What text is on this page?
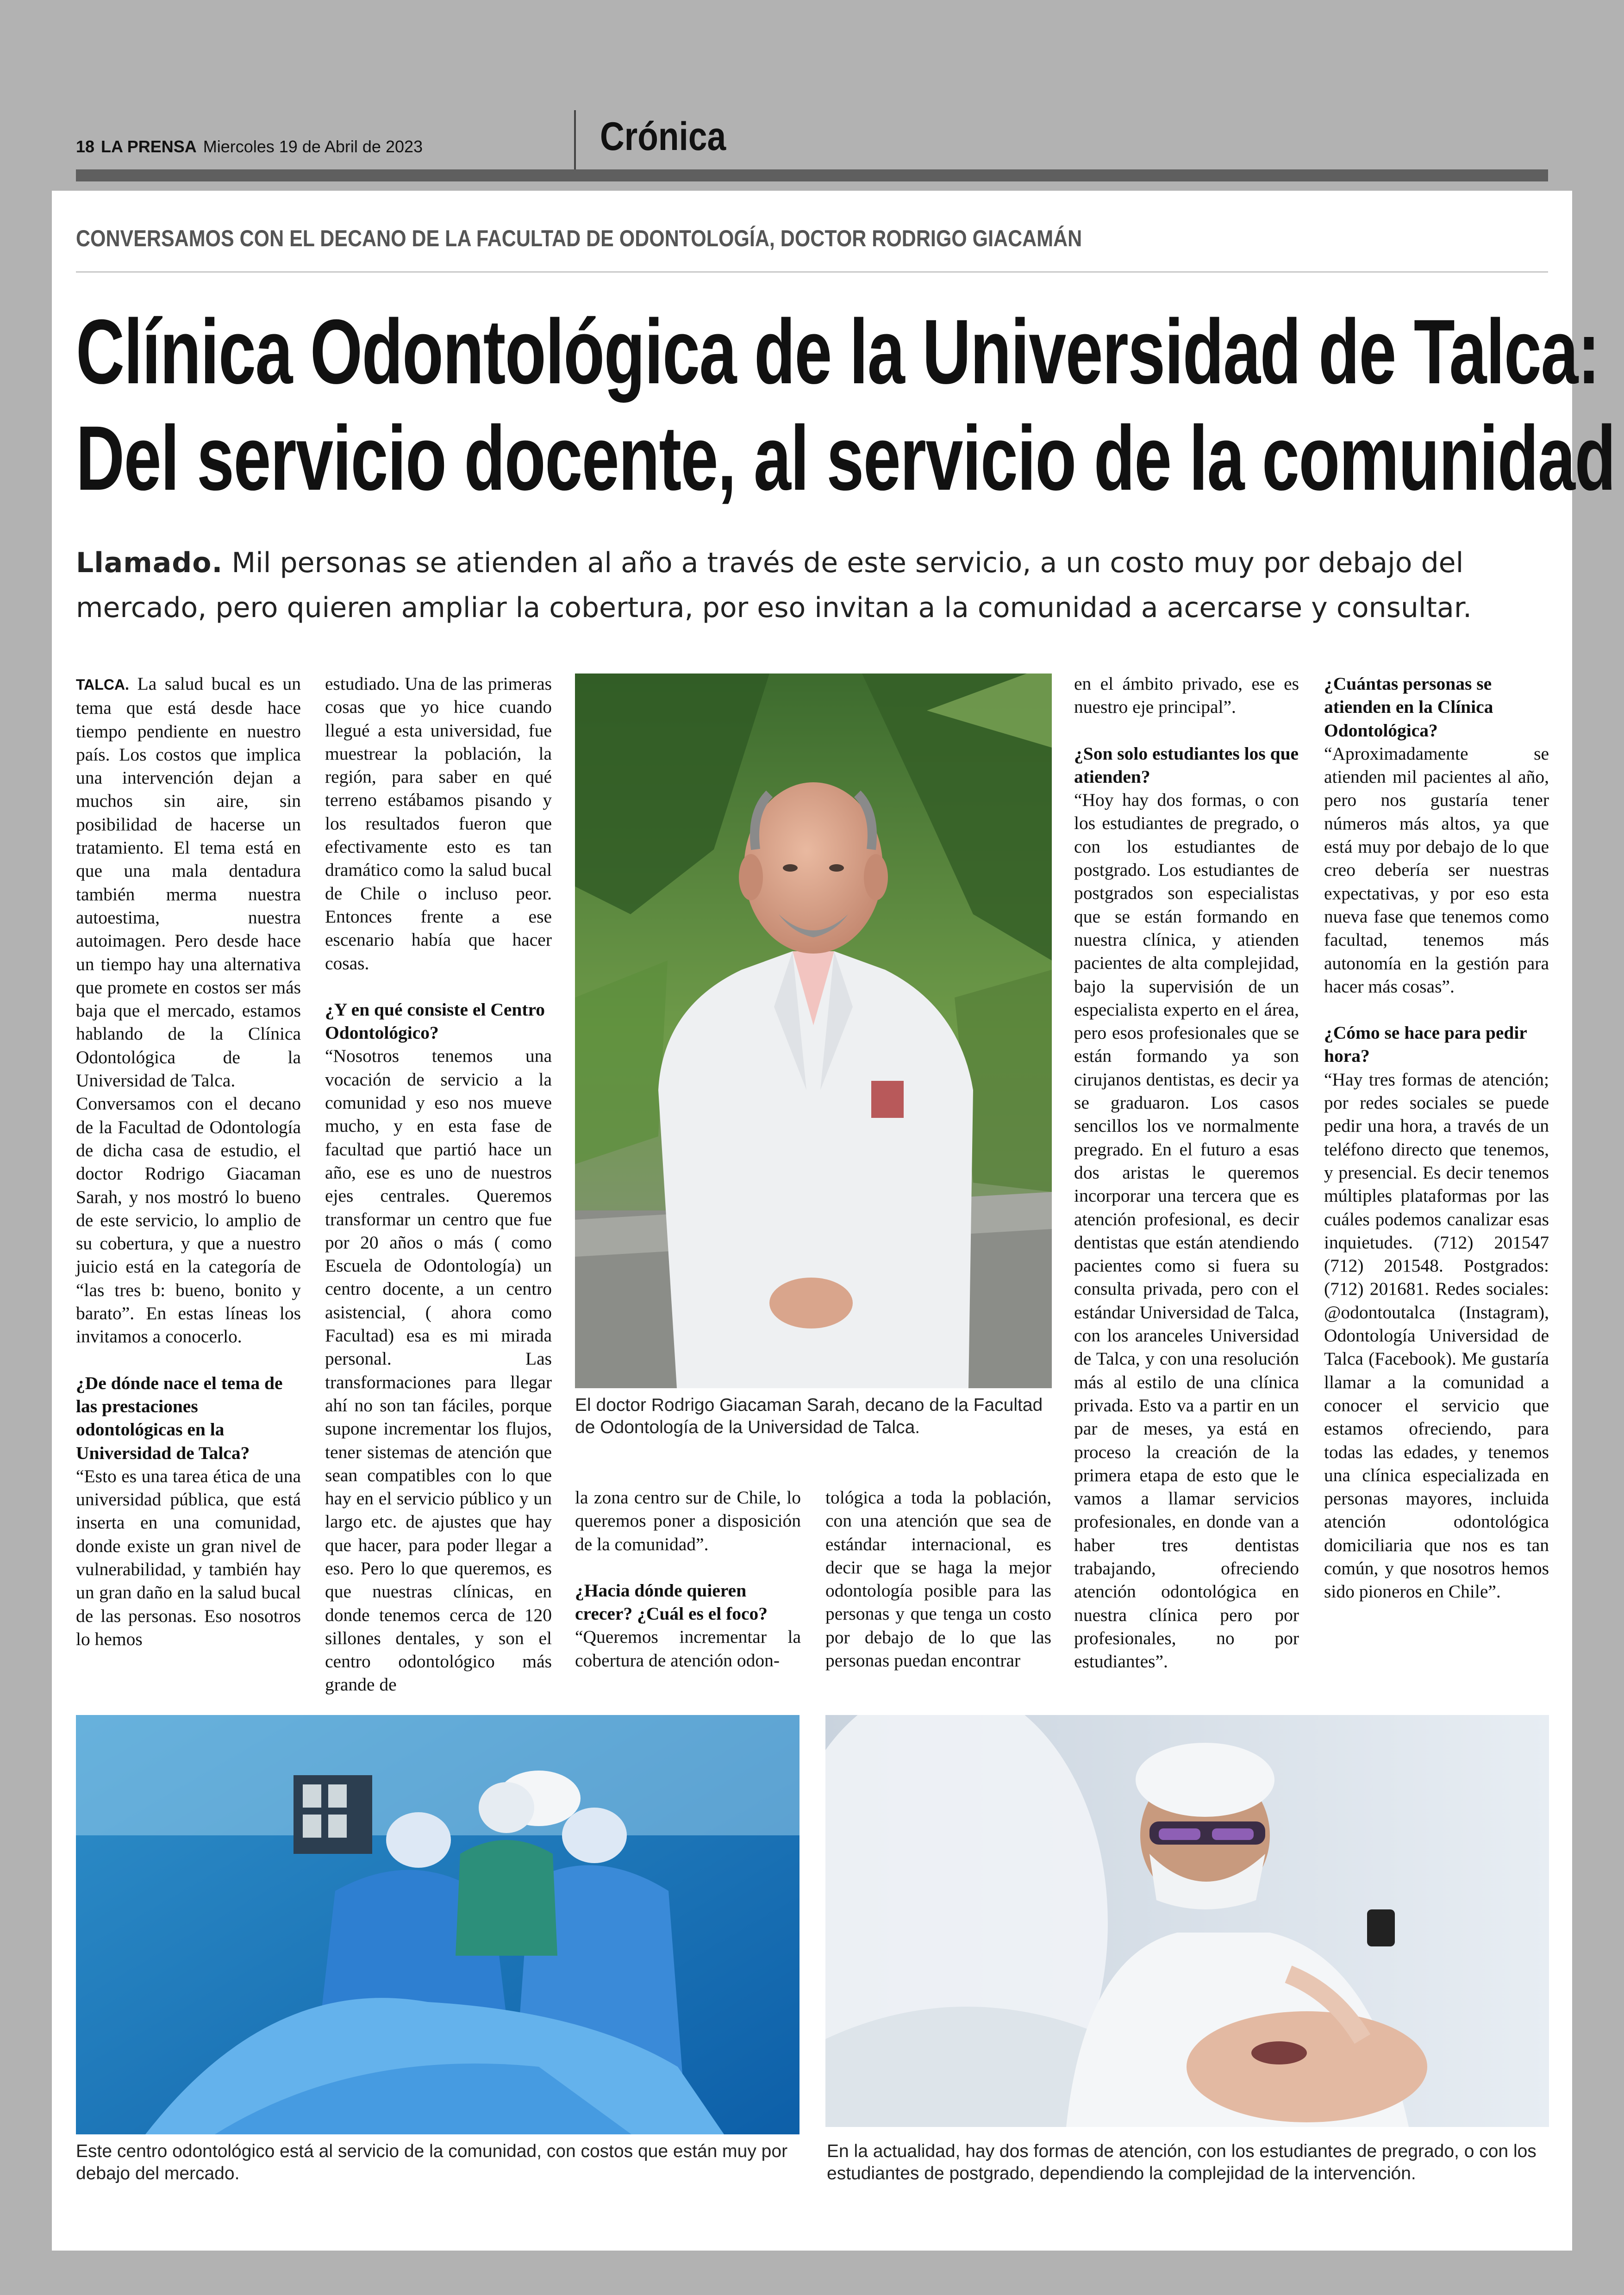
18 LA PRENSA Miercoles 19 de Abril de 2023	Crónica
CONVERSAMOS CON EL DECANO DE LA FACULTAD DE ODONTOLOGÍA, DOCTOR RODRIGO GIACAMÁN
Clínica Odontológica de la Universidad de Talca:
Del servicio docente, al servicio de la comunidad
Llamado. Mil personas se atienden al año a través de este servicio, a un costo muy por debajo del mercado, pero quieren ampliar la cobertura, por eso invitan a la comunidad a acercarse y consultar.

TALCA. La salud bucal es un tema que está desde hace tiempo pendiente en nuestro país. Los costos que implica una intervención dejan a muchos sin aire, sin posibilidad de hacerse un tratamiento. El tema está en que una mala dentadura también merma nuestra autoestima, nuestra autoimagen. Pero desde hace un tiempo hay una alternativa que promete en costos ser más baja que el mercado, estamos hablando de la Clínica Odontológica de la Universidad de Talca.

Conversamos con el decano de la Facultad de Odontología de dicha casa de estudio, el doctor Rodrigo Giacaman Sarah, y nos mostró lo bueno de este servicio, lo amplio de su cobertura, y que a nuestro juicio está en la categoría de “las tres b: bueno, bonito y barato”. En estas líneas los invitamos a conocerlo.

¿De dónde nace el tema de las prestaciones odontológicas en la Universidad de Talca?

“Esto es una tarea ética de una universidad pública, que está inserta en una comunidad, donde existe un gran nivel de vulnerabilidad, y también hay un gran daño en la salud bucal de las personas. Eso nosotros lo hemos

estudiado. Una de las primeras cosas que yo hice cuando llegué a esta universidad, fue muestrear la población, la región, para saber en qué terreno estábamos pisando y los resultados fueron que efectivamente esto es tan dramático como la salud bucal de Chile o incluso peor. Entonces frente a ese escenario había que hacer cosas.

¿Y en qué consiste el Centro Odontológico?

“Nosotros tenemos una vocación de servicio a la comunidad y eso nos mueve mucho, y en esta fase de facultad que partió hace un año, ese es uno de nuestros ejes centrales. Queremos transformar un centro que fue por 20 años o más ( como Escuela de Odontología) un centro docente, a un centro asistencial, ( ahora como Facultad) esa es mi mirada personal. Las transformaciones para llegar ahí no son tan fáciles, porque supone incrementar los flujos, tener sistemas de atención que sean compatibles con lo que hay en el servicio público y un largo etc. de ajustes que hay que hacer, para poder llegar a eso. Pero lo que queremos, es que nuestras clínicas, en donde tenemos cerca de 120 sillones dentales, y son el centro odontológico más grande de

El doctor Rodrigo Giacaman Sarah, decano de la Facultad de Odontología de la Universidad de Talca.

la zona centro sur de Chile, lo queremos poner a disposición de la comunidad”.

¿Hacia dónde quieren crecer? ¿Cuál es el foco?

“Queremos incrementar la cobertura de atención odon-

tológica a toda la población, con una atención que sea de estándar internacional, es decir que se haga la mejor odontología posible para las personas y que tenga un costo por debajo de lo que las personas puedan encontrar

en el ámbito privado, ese es nuestro eje principal”.

¿Son solo estudiantes los que atienden?

“Hoy hay dos formas, o con los estudiantes de pregrado, o con los estudiantes de postgrado. Los estudiantes de postgrados son especialistas que se están formando en nuestra clínica, y atienden pacientes de alta complejidad, bajo la supervisión de un especialista experto en el área, pero esos profesionales que se están formando ya son cirujanos dentistas, es decir ya se graduaron. Los casos sencillos los ve normalmente pregrado. En el futuro a esas dos aristas le queremos incorporar una tercera que es atención profesional, es decir dentistas que están atendiendo pacientes como si fuera su consulta privada, pero con el estándar Universidad de Talca, con los aranceles Universidad de Talca, y con una resolución más al estilo de una clínica privada. Esto va a partir en un par de meses, ya está en proceso la creación de la primera etapa de esto que le vamos a llamar servicios profesionales, en donde van a haber tres dentistas trabajando, ofreciendo atención odontológica en nuestra clínica pero por profesionales, no por estudiantes”.

¿Cuántas personas se atienden en la Clínica Odontológica?

“Aproximadamente se atienden mil pacientes al año, pero nos gustaría tener números más altos, ya que está muy por debajo de lo que creo debería ser nuestras expectativas, y por eso esta nueva fase que tenemos como facultad, tenemos más autonomía en la gestión para hacer más cosas”.

¿Cómo se hace para pedir hora?

“Hay tres formas de atención; por redes sociales se puede pedir una hora, a través de un teléfono directo que tenemos, y presencial. Es decir tenemos múltiples plataformas por las cuáles podemos canalizar esas inquietudes. (712) 201547 (712) 201548. Postgrados: (712) 201681. Redes sociales: @odontoutalca (Instagram), Odontología Universidad de Talca (Facebook). Me gustaría llamar a la comunidad a conocer el servicio que estamos ofreciendo, para todas las edades, y tenemos una clínica especializada en personas mayores, incluida atención odontológica domiciliaria que nos es tan común, y que nosotros hemos sido pioneros en Chile”.

Este centro odontológico está al servicio de la comunidad, con costos que están muy por debajo del mercado.
En la actualidad, hay dos formas de atención, con los estudiantes de pregrado, o con los estudiantes de postgrado, dependiendo la complejidad de la intervención.
